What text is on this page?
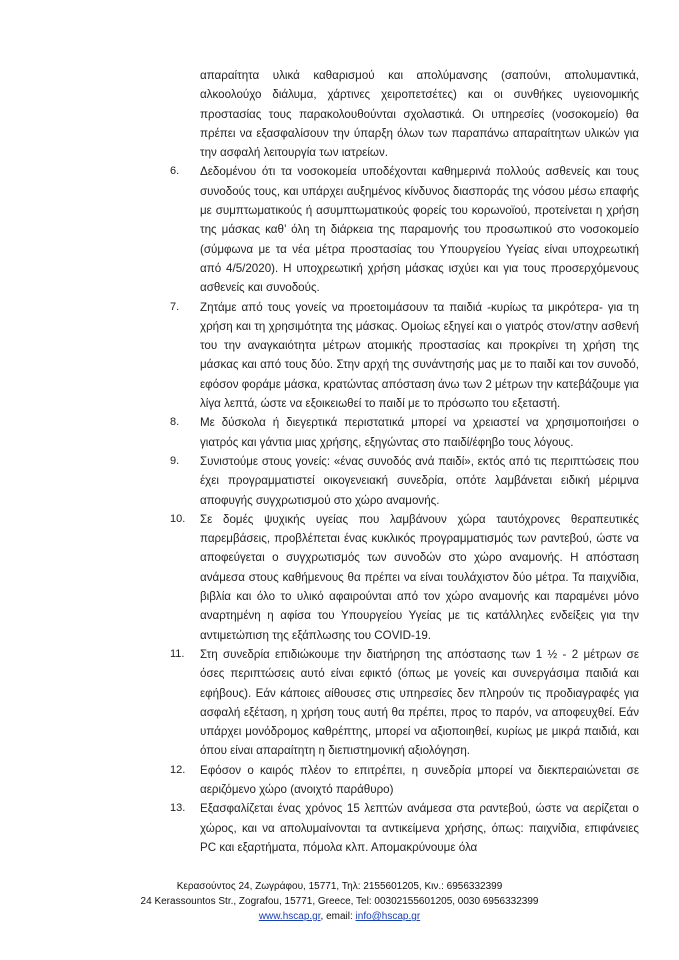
απαραίτητα υλικά καθαρισμού και απολύμανσης (σαπούνι, απολυμαντικά, αλκοολούχο διάλυμα, χάρτινες χειροπετσέτες) και οι συνθήκες υγειονομικής προστασίας τους παρακολουθούνται σχολαστικά. Οι υπηρεσίες (νοσοκομείο) θα πρέπει να εξασφαλίσουν την ύπαρξη όλων των παραπάνω απαραίτητων υλικών για την ασφαλή λειτουργία των ιατρείων.

6. Δεδομένου ότι τα νοσοκομεία υποδέχονται καθημερινά πολλούς ασθενείς και τους συνοδούς τους, και υπάρχει αυξημένος κίνδυνος διασποράς της νόσου μέσω επαφής με συμπτωματικούς ή ασυμπτωματικούς φορείς του κορωνοϊού, προτείνεται η χρήση της μάσκας καθ’ όλη τη διάρκεια της παραμονής του προσωπικού στο νοσοκομείο (σύμφωνα με τα νέα μέτρα προστασίας του Υπουργείου Υγείας είναι υποχρεωτική από 4/5/2020). Η υποχρεωτική χρήση μάσκας ισχύει και για τους προσερχόμενους ασθενείς και συνοδούς.

7. Ζητάμε από τους γονείς να προετοιμάσουν τα παιδιά -κυρίως τα μικρότερα- για τη χρήση και τη χρησιμότητα της μάσκας. Ομοίως εξηγεί και ο γιατρός στον/στην ασθενή του την αναγκαιότητα μέτρων ατομικής προστασίας και προκρίνει τη χρήση της μάσκας και από τους δύο. Στην αρχή της συνάντησής μας με το παιδί και τον συνοδό, εφόσον φοράμε μάσκα, κρατώντας απόσταση άνω των 2 μέτρων την κατεβάζουμε για λίγα λεπτά, ώστε να εξοικειωθεί το παιδί με το πρόσωπο του εξεταστή.

8. Με δύσκολα ή διεγερτικά περιστατικά μπορεί να χρειαστεί να χρησιμοποιήσει ο γιατρός και γάντια μιας χρήσης, εξηγώντας στο παιδί/έφηβο τους λόγους.

9. Συνιστούμε στους γονείς: «ένας συνοδός ανά παιδί», εκτός από τις περιπτώσεις που έχει προγραμματιστεί οικογενειακή συνεδρία, οπότε λαμβάνεται ειδική μέριμνα αποφυγής συγχρωτισμού στο χώρο αναμονής.

10. Σε δομές ψυχικής υγείας που λαμβάνουν χώρα ταυτόχρονες θεραπευτικές παρεμβάσεις, προβλέπεται ένας κυκλικός προγραμματισμός των ραντεβού, ώστε να αποφεύγεται ο συγχρωτισμός των συνοδών στο χώρο αναμονής. Η απόσταση ανάμεσα στους καθήμενους θα πρέπει να είναι τουλάχιστον δύο μέτρα. Τα παιχνίδια, βιβλία και όλο το υλικό αφαιρούνται από τον χώρο αναμονής και παραμένει μόνο αναρτημένη η αφίσα του Υπουργείου Υγείας με τις κατάλληλες ενδείξεις για την αντιμετώπιση της εξάπλωσης του COVID-19.

11. Στη συνεδρία επιδιώκουμε την διατήρηση της απόστασης των 1 ½ - 2 μέτρων σε όσες περιπτώσεις αυτό είναι εφικτό (όπως με γονείς και συνεργάσιμα παιδιά και εφήβους). Εάν κάποιες αίθουσες στις υπηρεσίες δεν πληρούν τις προδιαγραφές για ασφαλή εξέταση, η χρήση τους αυτή θα πρέπει, προς το παρόν, να αποφευχθεί. Εάν υπάρχει μονόδρομος καθρέπτης, μπορεί να αξιοποιηθεί, κυρίως με μικρά παιδιά, και όπου είναι απαραίτητη η διεπιστημονική αξιολόγηση.

12. Εφόσον ο καιρός πλέον το επιτρέπει, η συνεδρία μπορεί να διεκπεραιώνεται σε αεριζόμενο χώρο (ανοιχτό παράθυρο)

13. Εξασφαλίζεται ένας χρόνος 15 λεπτών ανάμεσα στα ραντεβού, ώστε να αερίζεται ο χώρος, και να απολυμαίνονται τα αντικείμενα χρήσης, όπως: παιχνίδια, επιφάνειες PC και εξαρτήματα, πόμολα κλπ. Απομακρύνουμε όλα

Κερασούντος 24, Ζωγράφου, 15771, Τηλ: 2155601205, Κιν.: 6956332399

24 Kerassountos Str., Zografou, 15771, Greece, Tel: 00302155601205, 0030 6956332399

www.hscap.gr, email: info@hscap.gr
